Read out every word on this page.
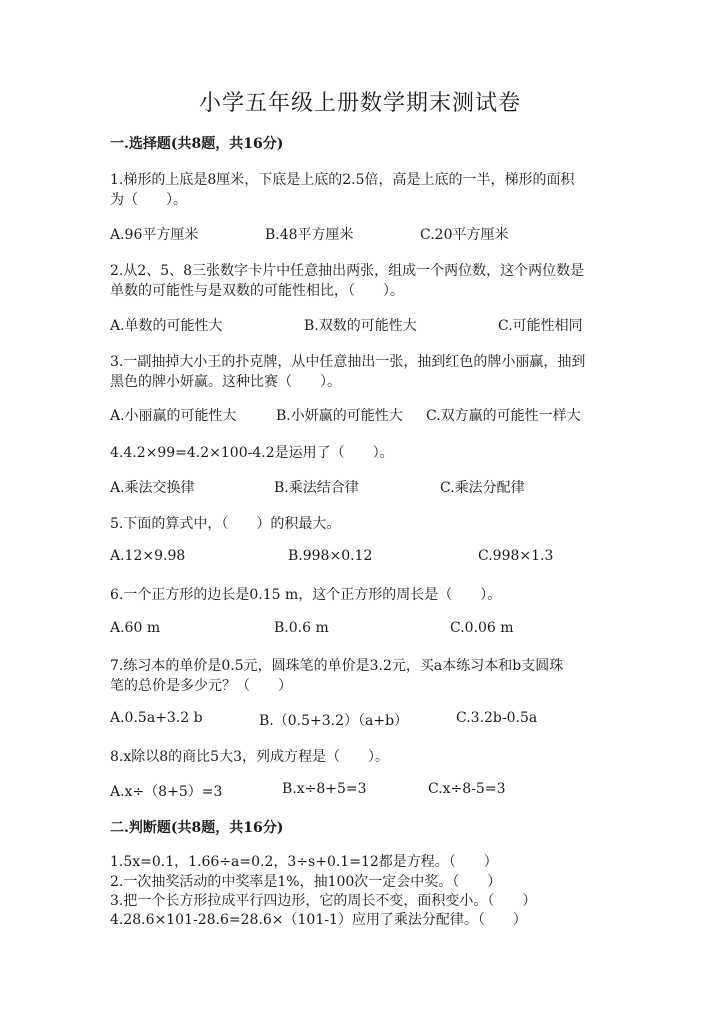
小学五年级上册数学期末测试卷
一.选择题(共8题，共16分)
1.梯形的上底是8厘米，下底是上底的2.5倍，高是上底的一半，梯形的面积
为（　　）。
A.96平方厘米	B.48平方厘米	C.20平方厘米
2.从2、5、8三张数字卡片中任意抽出两张，组成一个两位数，这个两位数是
单数的可能性与是双数的可能性相比，（　　）。
A.单数的可能性大	B.双数的可能性大	C.可能性相同
3.一副抽掉大小王的扑克牌，从中任意抽出一张，抽到红色的牌小丽赢，抽到
黑色的牌小妍赢。这种比赛（　　）。
A.小丽赢的可能性大	B.小妍赢的可能性大 C.双方赢的可能性一样大
4.4.2×99=4.2×100-4.2是运用了（　　）。
A.乘法交换律	B.乘法结合律	C.乘法分配律
5.下面的算式中，（　　）的积最大。
A.12×9.98	B.998×0.12	C.998×1.3
6.一个正方形的边长是0.15 m，这个正方形的周长是（　　）。
A.60 m	B.0.6 m	C.0.06 m
7.练习本的单价是0.5元，圆珠笔的单价是3.2元，买a本练习本和b支圆珠
笔的总价是多少元？（　　）
A.0.5a+3.2 b	B.（0.5+3.2）（a+b）	C.3.2b-0.5a
8.x除以8的商比5大3，列成方程是（　　）。
A.x÷（8+5）=3	B.x÷8+5=3	C.x÷8-5=3
二.判断题(共8题，共16分)
1.5x=0.1，1.66÷a=0.2，3÷s+0.1=12都是方程。（　　）
2.一次抽奖活动的中奖率是1%，抽100次一定会中奖。（　　）
3.把一个长方形拉成平行四边形，它的周长不变，面积变小。（　　）
4.28.6×101-28.6=28.6×（101-1）应用了乘法分配律。（　　）
